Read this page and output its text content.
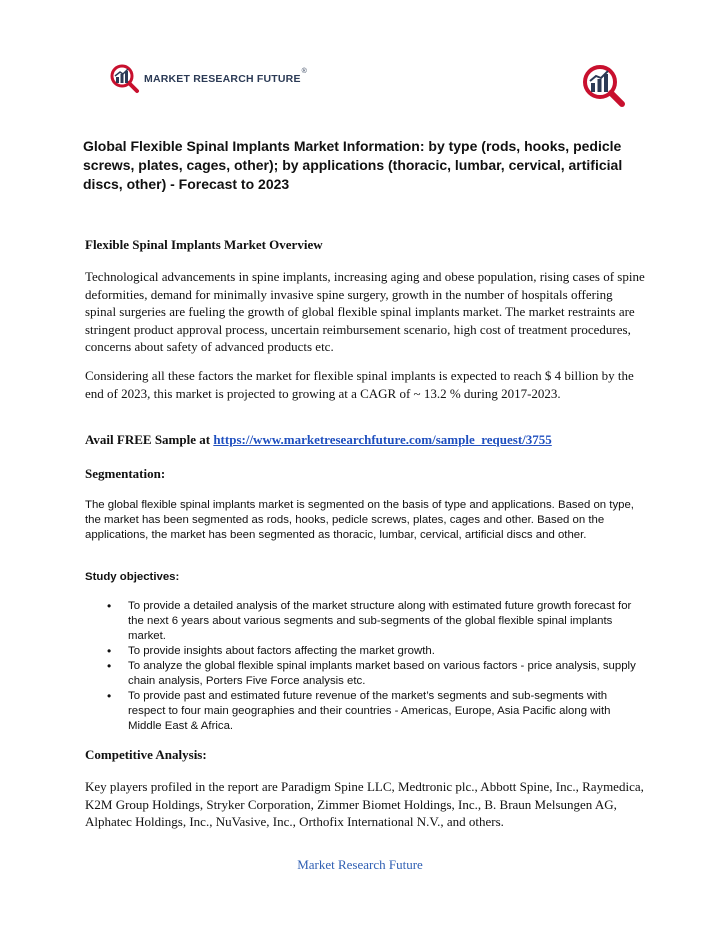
MARKET RESEARCH FUTURE
®
Global Flexible Spinal Implants Market Information: by type (rods, hooks, pedicle screws, plates, cages, other); by applications (thoracic, lumbar, cervical, artificial discs, other) - Forecast to 2023
Flexible Spinal Implants Market Overview
Technological advancements in spine implants, increasing aging and obese population, rising cases of spine deformities, demand for minimally invasive spine surgery, growth in the number of hospitals offering spinal surgeries are fueling the growth of global flexible spinal implants market. The market restraints are stringent product approval process, uncertain reimbursement scenario, high cost of treatment procedures, concerns about safety of advanced products etc.
Considering all these factors the market for flexible spinal implants is expected to reach $ 4 billion by the end of 2023, this market is projected to growing at a CAGR of ~ 13.2 % during 2017-2023.
Avail FREE Sample at https://www.marketresearchfuture.com/sample_request/3755
Segmentation:
The global flexible spinal implants market is segmented on the basis of type and applications. Based on type, the market has been segmented as rods, hooks, pedicle screws, plates, cages and other. Based on the applications, the market has been segmented as thoracic, lumbar, cervical, artificial discs and other.
Study objectives:
• To provide a detailed analysis of the market structure along with estimated future growth forecast for the next 6 years about various segments and sub-segments of the global flexible spinal implants market.
• To provide insights about factors affecting the market growth.
• To analyze the global flexible spinal implants market based on various factors - price analysis, supply chain analysis, Porters Five Force analysis etc.
• To provide past and estimated future revenue of the market’s segments and sub-segments with respect to four main geographies and their countries - Americas, Europe, Asia Pacific along with Middle East & Africa.
Competitive Analysis:
Key players profiled in the report are Paradigm Spine LLC, Medtronic plc., Abbott Spine, Inc., Raymedica, K2M Group Holdings, Stryker Corporation, Zimmer Biomet Holdings, Inc., B. Braun Melsungen AG, Alphatec Holdings, Inc., NuVasive, Inc., Orthofix International N.V., and others.
Market Research Future
